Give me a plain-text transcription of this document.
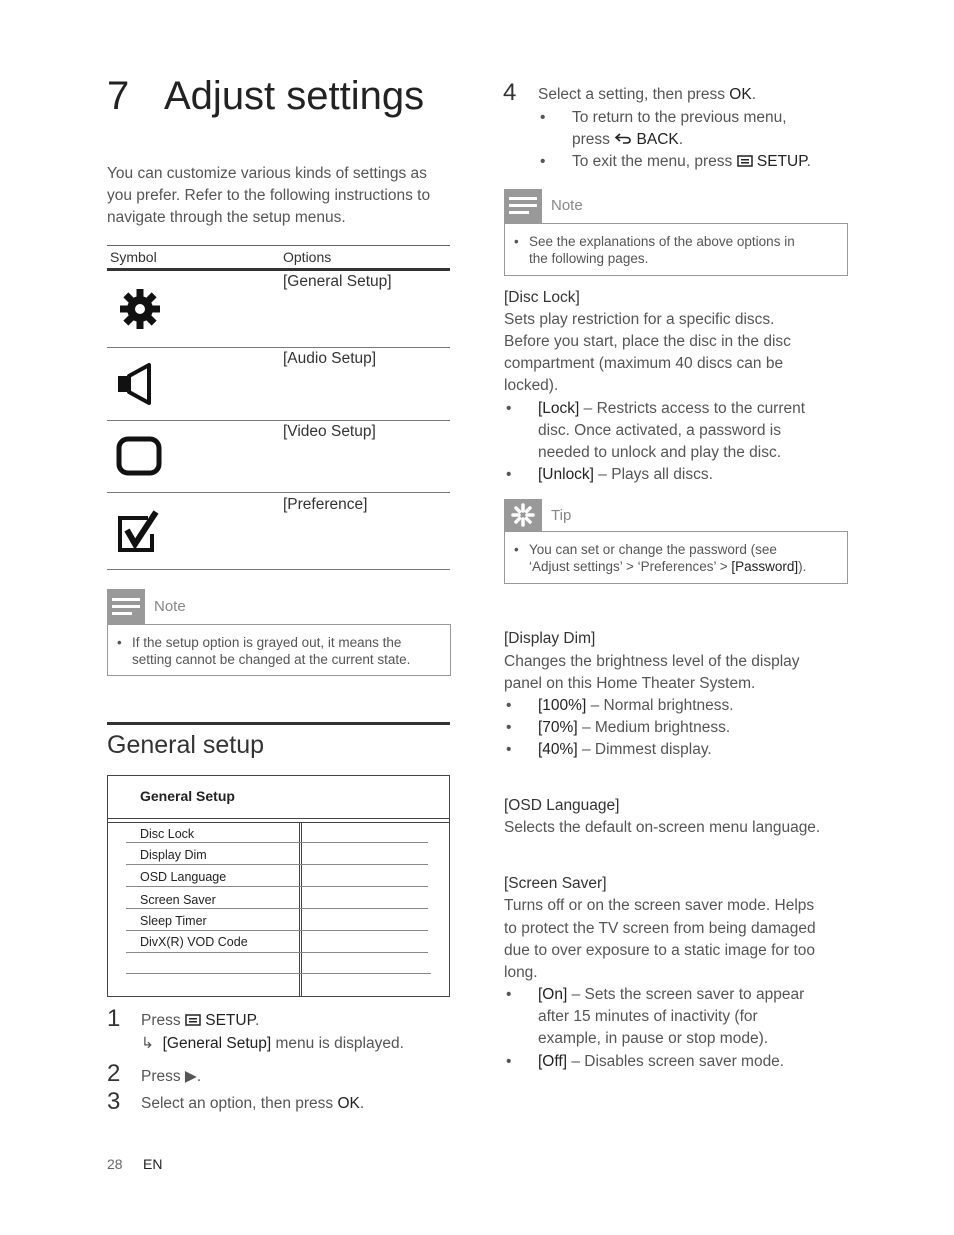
7 Adjust settings
You can customize various kinds of settings as you prefer. Refer to the following instructions to navigate through the setup menus.
Symbol	Options
[General Setup]
[Audio Setup]
[Video Setup]
[Preference]
Note
• If the setup option is grayed out, it means the
setting cannot be changed at the current state.
General setup
General Setup
Disc Lock
Display Dim
OSD Language
Screen Saver
Sleep Timer
DivX(R) VOD Code
1 Press  SETUP.
↳ [General Setup] menu is displayed.
2 Press ▶.
3 Select an option, then press OK.
28 EN
4 Select a setting, then press OK.
• To return to the previous menu,
press  BACK.
• To exit the menu, press  SETUP.
Note
• See the explanations of the above options in
the following pages.
[Disc Lock]
Sets play restriction for a specific discs.
Before you start, place the disc in the disc
compartment (maximum 40 discs can be
locked).
• [Lock] – Restricts access to the current
disc. Once activated, a password is
needed to unlock and play the disc.
• [Unlock] – Plays all discs.
Tip
• You can set or change the password (see
‘Adjust settings’ > ‘Preferences’ > [Password]).
[Display Dim]
Changes the brightness level of the display
panel on this Home Theater System.
• [100%] – Normal brightness.
• [70%] – Medium brightness.
• [40%] – Dimmest display.
[OSD Language]
Selects the default on-screen menu language.
[Screen Saver]
Turns off or on the screen saver mode. Helps
to protect the TV screen from being damaged
due to over exposure to a static image for too
long.
• [On] – Sets the screen saver to appear
after 15 minutes of inactivity (for
example, in pause or stop mode).
• [Off] – Disables screen saver mode.
